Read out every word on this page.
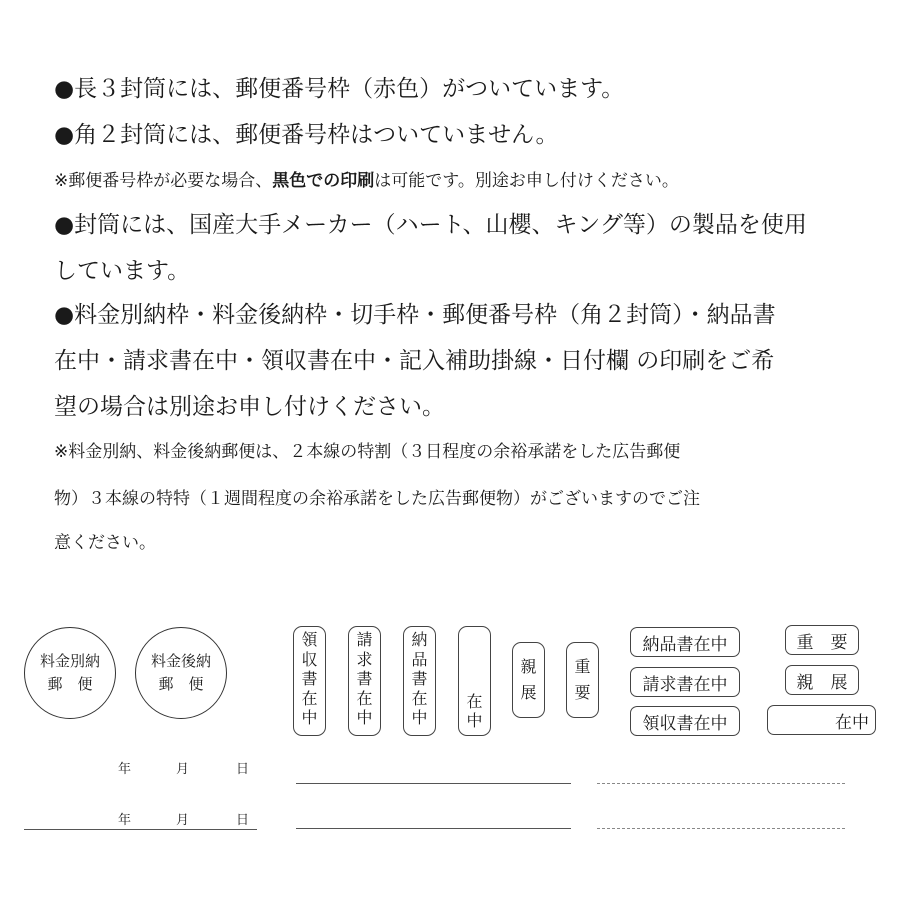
●長３封筒には、郵便番号枠（赤色）がついています。
●角２封筒には、郵便番号枠はついていません。
※郵便番号枠が必要な場合、黒色での印刷は可能です。別途お申し付けください。
●封筒には、国産大手メーカー（ハート、山櫻、キング等）の製品を使用
しています。
●料金別納枠・料金後納枠・切手枠・郵便番号枠（角２封筒）・納品書
在中・請求書在中・領収書在中・記入補助掛線・日付欄 の印刷をご希
望の場合は別途お申し付けください。
※料金別納、料金後納郵便は、２本線の特割（３日程度の余裕承諾をした広告郵便
物）３本線の特特（１週間程度の余裕承諾をした広告郵便物）がございますのでご注
意ください。
料金別納
郵　便
料金後納
郵　便
領
収
書
在
中
請
求
書
在
中
納
品
書
在
中
在
中
親
展
重
要
納品書在中
請求書在中
領収書在中
重　要
親　展
在中
年	月	日
年	月	日
